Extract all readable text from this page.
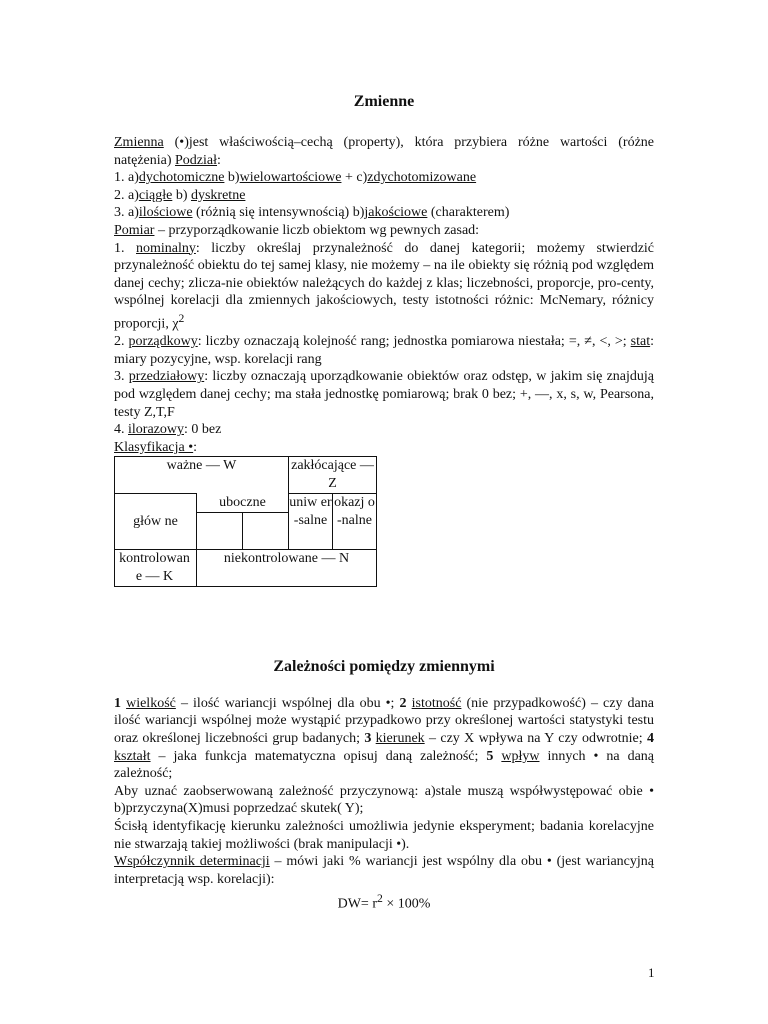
Zmienne

Zmienna (•)jest właściwością–cechą (property), która przybiera różne wartości (różne natężenia) Podział:

1. a)dychotomiczne b)wielowartościowe + c)zdychotomizowane

2. a)ciągłe b) dyskretne

3. a)ilościowe (różnią się intensywnością) b)jakościowe (charakterem)

Pomiar – przyporządkowanie liczb obiektom wg pewnych zasad:

1. nominalny: liczby określaj przynależność do danej kategorii; możemy stwierdzić przynależność obiektu do tej samej klasy, nie możemy – na ile obiekty się różnią pod względem danej cechy; zlicza-nie obiektów należących do każdej z klas; liczebności, proporcje, pro-centy, wspólnej korelacji dla zmiennych jakościowych, testy istotności różnic: McNemary, różnicy proporcji, $\chi^2$

2. porządkowy: liczby oznaczają kolejność rang; jednostka pomiarowa niestała; =, ≠, <, >; stat: miary pozycyjne, wsp. korelacji rang

3. przedziałowy: liczby oznaczają uporządkowanie obiektów oraz odstęp, w jakim się znajdują pod względem danej cechy; ma stała jednostkę pomiarową; brak 0 bez; +, —, x, s, w, Pearsona, testy Z,T,F

4. ilorazowy: 0 bez

Klasyfikacja •:

ważne — W		zakłócające — Z	
głów ne	uboczne	uniw er-salne	okazj o-nalne
kontrolowan e — K	niekontrolowane — N		
Zależności pomiędzy zmiennymi

1 wielkość – ilość wariancji wspólnej dla obu •; 2 istotność (nie przypadkowość) – czy dana ilość wariancji wspólnej może wystąpić przypadkowo przy określonej wartości statystyki testu oraz określonej liczebności grup badanych; 3 kierunek – czy X wpływa na Y czy odwrotnie; 4 kształt – jaka funkcja matematyczna opisuj daną zależność; 5 wpływ innych • na daną zależność;

Aby uznać zaobserwowaną zależność przyczynową: a)stale muszą współwystępować obie • b)przyczyna(X)musi poprzedzać skutek( Y);

Ścisłą identyfikację kierunku zależności umożliwia jedynie eksperyment; badania korelacyjne nie stwarzają takiej możliwości (brak manipulacji •).

Współczynnik determinacji – mówi jaki % wariancji jest wspólny dla obu • (jest wariancyjną interpretacją wsp. korelacji):

$DW= r^2 \times 100\%$

1
